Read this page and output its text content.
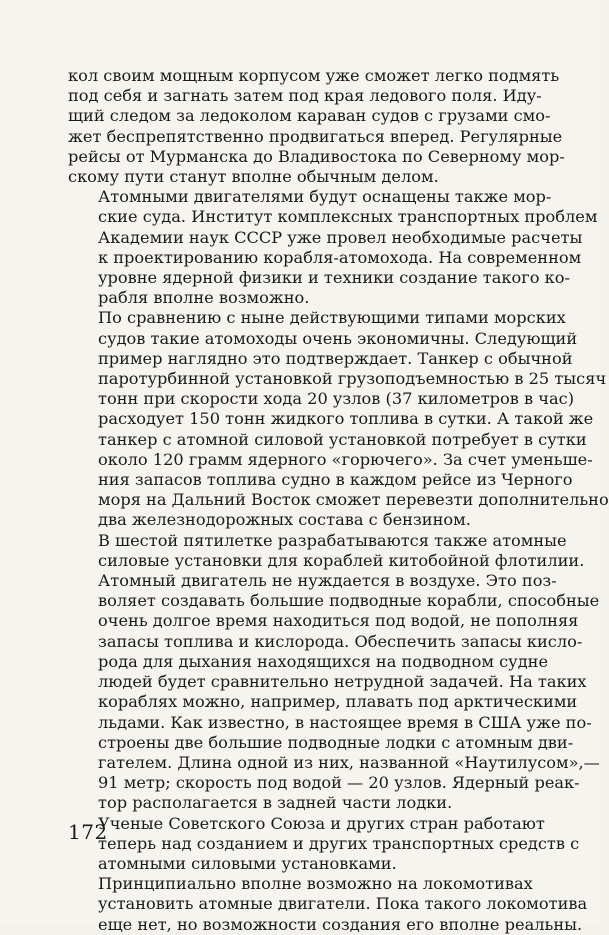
кол своим мощным корпусом уже сможет легко подмять
под себя и загнать затем под края ледового поля. Иду-
щий следом за ледоколом караван судов с грузами смо-
жет беспрепятственно продвигаться вперед. Регулярные
рейсы от Мурманска до Владивостока по Северному мор-
скому пути станут вполне обычным делом.

Атомными двигателями будут оснащены также мор-
ские суда. Институт комплексных транспортных проблем
Академии наук СССР уже провел необходимые расчеты
к проектированию корабля-атомохода. На современном
уровне ядерной физики и техники создание такого ко-
рабля вполне возможно.

По сравнению с ныне действующими типами морских
судов такие атомоходы очень экономичны. Следующий
пример наглядно это подтверждает. Танкер с обычной
паротурбинной установкой грузоподъемностью в 25 тысяч
тонн при скорости хода 20 узлов (37 километров в час)
расходует 150 тонн жидкого топлива в сутки. А такой же
танкер с атомной силовой установкой потребует в сутки
около 120 грамм ядерного «горючего». За счет уменьше-
ния запасов топлива судно в каждом рейсе из Черного
моря на Дальний Восток сможет перевезти дополнительно
два железнодорожных состава с бензином.

В шестой пятилетке разрабатываются также атомные
силовые установки для кораблей китобойной флотилии.

Атомный двигатель не нуждается в воздухе. Это поз-
воляет создавать большие подводные корабли, способные
очень долгое время находиться под водой, не пополняя
запасы топлива и кислорода. Обеспечить запасы кисло-
рода для дыхания находящихся на подводном судне
людей будет сравнительно нетрудной задачей. На таких
кораблях можно, например, плавать под арктическими
льдами. Как известно, в настоящее время в США уже по-
строены две большие подводные лодки с атомным дви-
гателем. Длина одной из них, названной «Наутилусом»,—
91 метр; скорость под водой — 20 узлов. Ядерный реак-
тор располагается в задней части лодки.

Ученые Советского Союза и других стран работают
теперь над созданием и других транспортных средств с
атомными силовыми установками.

Принципиально вполне возможно на локомотивах
установить атомные двигатели. Пока такого локомотива
еще нет, но возможности создания его вполне реальны.

172
